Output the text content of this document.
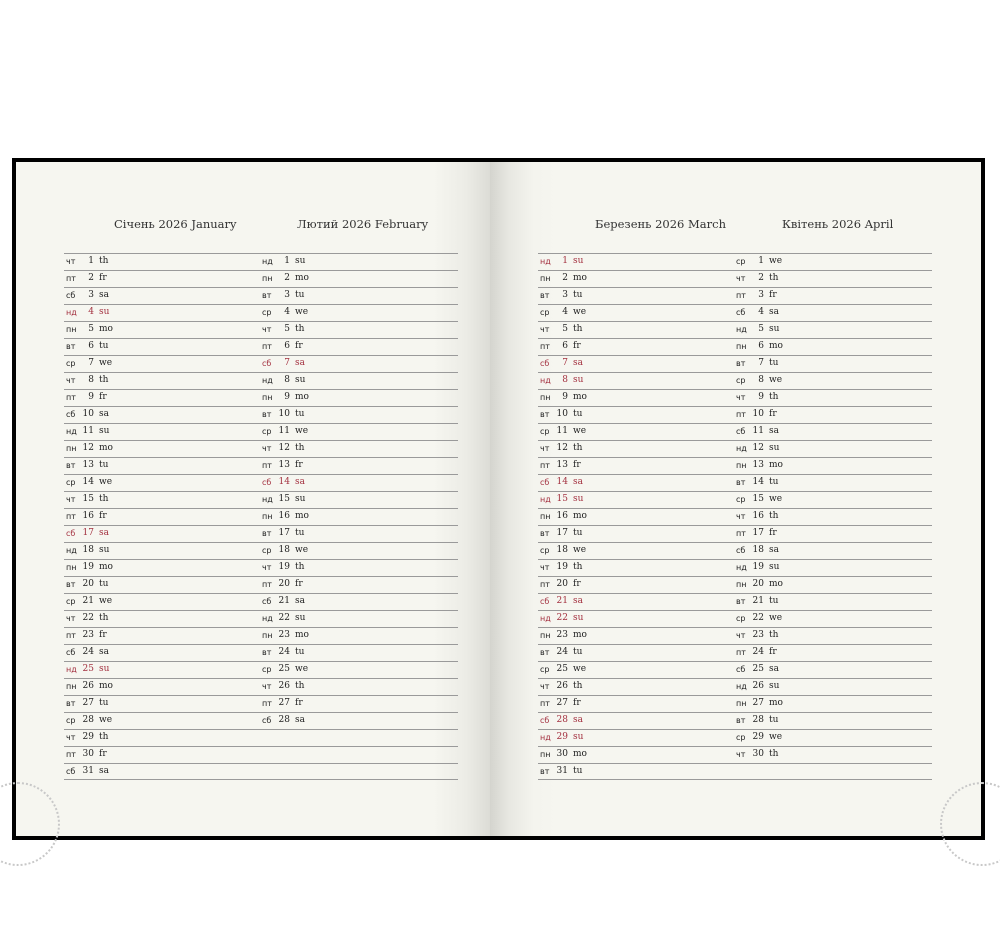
Січень 2026 January	Лютий 2026 February
чт	1 th
пт	2 fr
сб	3 sa
нд	4 su
пн	5 mo
вт	6 tu
ср	7 we
чт	8 th
пт	9 fr
сб 10 sa
нд 11 su
пн 12 mo
вт 13 tu
ср 14 we
чт 15 th
пт 16 fr
сб 17 sa
нд 18 su
пн 19 mo
вт 20 tu
ср 21 we
чт 22 th
пт 23 fr
сб 24 sa
нд 25 su
пн 26 mo
вт 27 tu
ср 28 we
чт 29 th
пт 30 fr
сб 31 sa
нд	1 su
пн	2 mo
вт	3 tu
ср	4 we
чт	5 th
пт	6 fr
сб	7 sa
нд	8 su
пн	9 mo
вт 10 tu
ср 11 we
чт 12 th
пт 13 fr
сб 14 sa
нд 15 su
пн 16 mo
вт 17 tu
ср 18 we
чт 19 th
пт 20 fr
сб 21 sa
нд 22 su
пн 23 mo
вт 24 tu
ср 25 we
чт 26 th
пт 27 fr
сб 28 sa
Березень 2026 March	Квітень 2026 April
нд	1 su
пн	2 mo
вт	3 tu
ср	4 we
чт	5 th
пт	6 fr
сб	7 sa
нд	8 su
пн	9 mo
вт 10 tu
ср 11 we
чт 12 th
пт 13 fr
сб 14 sa
нд 15 su
пн 16 mo
вт 17 tu
ср 18 we
чт 19 th
пт 20 fr
сб 21 sa
нд 22 su
пн 23 mo
вт 24 tu
ср 25 we
чт 26 th
пт 27 fr
сб 28 sa
нд 29 su
пн 30 mo
вт 31 tu
ср	1 we
чт	2 th
пт	3 fr
сб	4 sa
нд	5 su
пн	6 mo
вт	7 tu
ср	8 we
чт	9 th
пт 10 fr
сб 11 sa
нд 12 su
пн 13 mo
вт 14 tu
ср 15 we
чт 16 th
пт 17 fr
сб 18 sa
нд 19 su
пн 20 mo
вт 21 tu
ср 22 we
чт 23 th
пт 24 fr
сб 25 sa
нд 26 su
пн 27 mo
вт 28 tu
ср 29 we
чт 30 th
